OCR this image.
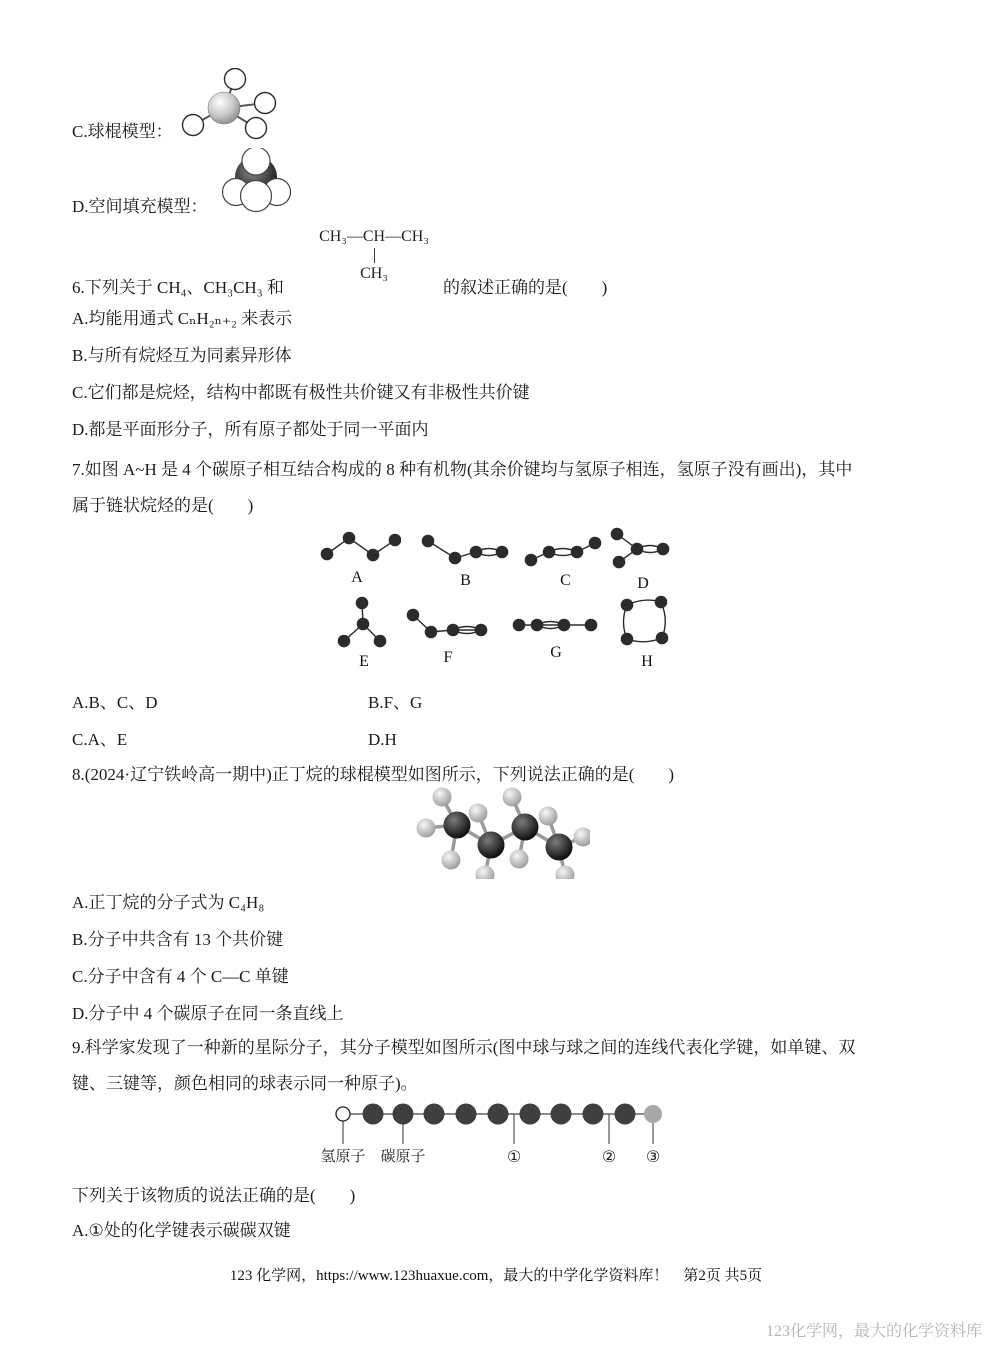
C.球棍模型：
D.空间填充模型：
CH₃—CH—CH₃
CH₃
6.下列关于 CH₄、CH₃CH₃ 和	的叙述正确的是(　　)
A.均能用通式 CₙH₂ₙ₊₂ 来表示
B.与所有烷烃互为同素异形体
C.它们都是烷烃，结构中都既有极性共价键又有非极性共价键
D.都是平面形分子，所有原子都处于同一平面内
7.如图 A~H 是 4 个碳原子相互结合构成的 8 种有机物(其余价键均与氢原子相连，氢原子没有画出)，其中
属于链状烷烃的是(　　)
A	B	C	D
E	F	G
H
A.B、C、D	B.F、G
C.A、E	D.H
8.(2024·辽宁铁岭高一期中)正丁烷的球棍模型如图所示，下列说法正确的是(　　)
A.正丁烷的分子式为 C₄H₈
B.分子中共含有 13 个共价键
C.分子中含有 4 个 C—C 单键
D.分子中 4 个碳原子在同一条直线上
9.科学家发现了一种新的星际分子，其分子模型如图所示(图中球与球之间的连线代表化学键，如单键、双
键、三键等，颜色相同的球表示同一种原子)。
氢原子 碳原子	①	② ③
下列关于该物质的说法正确的是(　　)
A.①处的化学键表示碳碳双键
123 化学网，https://www.123huaxue.com，最大的中学化学资料库！　第2页 共5页
123化学网，最大的化学资料库
